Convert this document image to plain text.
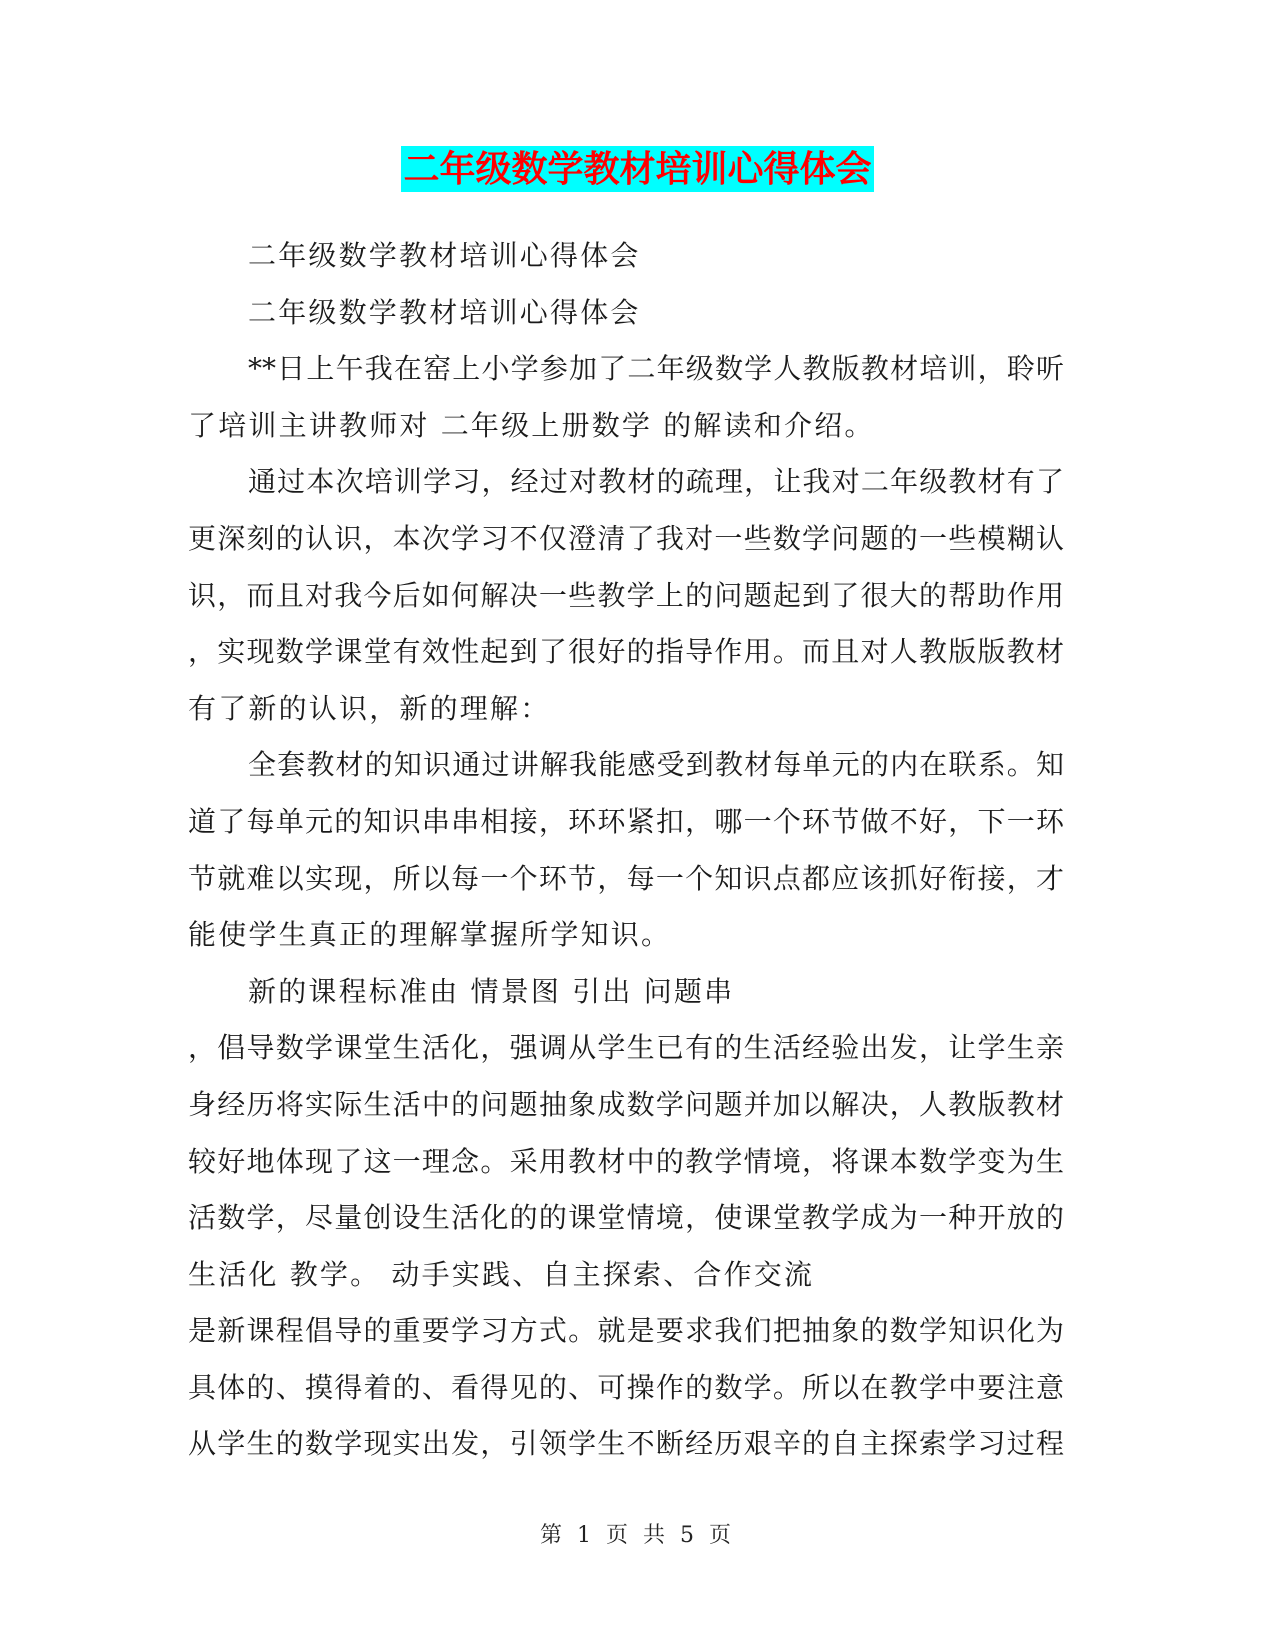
二年级数学教材培训心得体会
二年级数学教材培训心得体会
二年级数学教材培训心得体会
**日上午我在窑上小学参加了二年级数学人教版教材培训，聆听
了培训主讲教师对 二年级上册数学 的解读和介绍。
通过本次培训学习，经过对教材的疏理，让我对二年级教材有了
更深刻的认识，本次学习不仅澄清了我对一些数学问题的一些模糊认
识，而且对我今后如何解决一些教学上的问题起到了很大的帮助作用
，实现数学课堂有效性起到了很好的指导作用。而且对人教版版教材
有了新的认识，新的理解：
全套教材的知识通过讲解我能感受到教材每单元的内在联系。知
道了每单元的知识串串相接，环环紧扣，哪一个环节做不好，下一环
节就难以实现，所以每一个环节，每一个知识点都应该抓好衔接，才
能使学生真正的理解掌握所学知识。
新的课程标准由 情景图 引出 问题串
，倡导数学课堂生活化，强调从学生已有的生活经验出发，让学生亲
身经历将实际生活中的问题抽象成数学问题并加以解决，人教版教材
较好地体现了这一理念。采用教材中的教学情境，将课本数学变为生
活数学，尽量创设生活化的的课堂情境，使课堂教学成为一种开放的
生活化 教学。 动手实践、自主探索、合作交流
是新课程倡导的重要学习方式。就是要求我们把抽象的数学知识化为
具体的、摸得着的、看得见的、可操作的数学。所以在教学中要注意
从学生的数学现实出发，引领学生不断经历艰辛的自主探索学习过程
第 1 页 共 5 页
